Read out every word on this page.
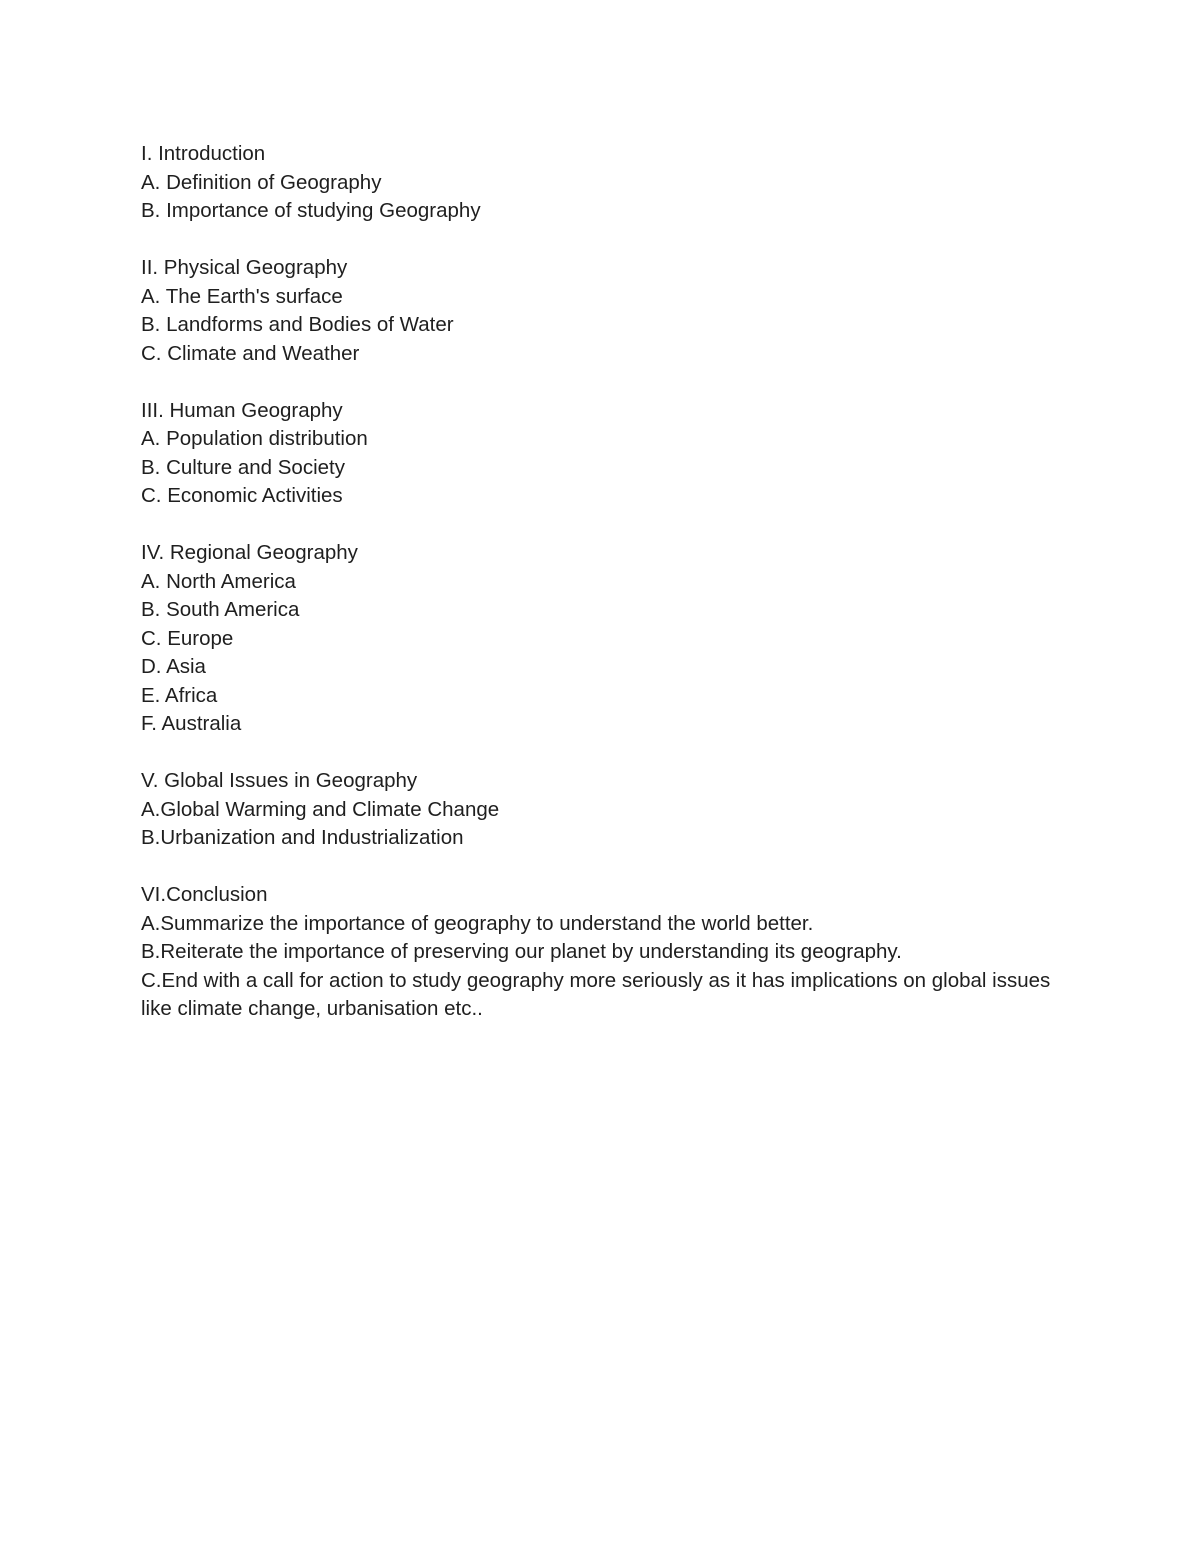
I. Introduction

A. Definition of Geography

B. Importance of studying Geography

II. Physical Geography

A. The Earth's surface

B. Landforms and Bodies of Water

C. Climate and Weather

III. Human Geography

A. Population distribution

B. Culture and Society

C. Economic Activities

IV. Regional Geography

A. North America

B. South America

C. Europe

D. Asia

E. Africa

F. Australia

V. Global Issues in Geography

A.Global Warming and Climate Change

B.Urbanization and Industrialization

VI.Conclusion

A.Summarize the importance of geography to understand the world better.

B.Reiterate the importance of preserving our planet by understanding its geography.

C.End with a call for action to study geography more seriously as it has implications on global issues like climate change, urbanisation etc..
